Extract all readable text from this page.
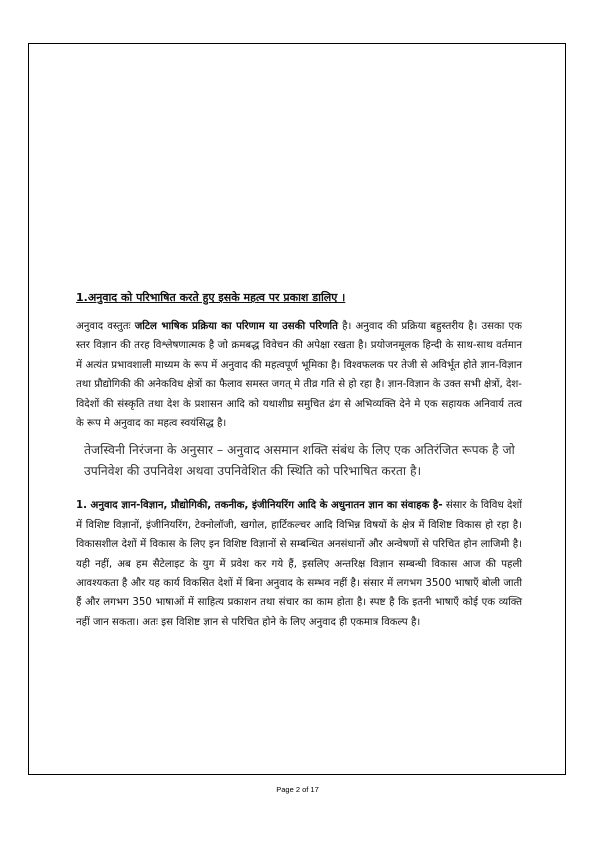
1.अनुवाद को परिभाषित करते हुए इसके महत्व पर प्रकाश डालिए ।

अनुवाद वस्तुतः जटिल भाषिक प्रक्रिया का परिणाम या उसकी परिणति है। अनुवाद की प्रक्रिया बहुस्तरीय है। उसका एक स्तर विज्ञान की तरह विश्लेषणात्मक है जो क्रमबद्ध विवेचन की अपेक्षा रखता है। प्रयोजनमूलक हिन्दी के साथ-साथ वर्तमान में अत्यंत प्रभावशाली माध्यम के रूप में अनुवाद की महत्वपूर्ण भूमिका है। विश्वफलक पर तेजी से अविर्भूत होते ज्ञान-विज्ञान तथा प्रौद्योगिकी की अनेकविध क्षेत्रों का फैलाव समस्त जगत् मे तीव्र गति से हो रहा है। ज्ञान-विज्ञान के उक्त सभी क्षेत्रों, देश-विदेशों की संस्कृति तथा देश के प्रशासन आदि को यथाशीघ्र समुचित ढंग से अभिव्यक्ति देने मे एक सहायक अनिवार्य तत्व के रूप मे अनुवाद का महत्व स्वयंसिद्ध है।

तेजस्विनी निरंजना के अनुसार – अनुवाद असमान शक्ति संबंध के लिए एक अतिरंजित रूपक है जो उपनिवेश की उपनिवेश अथवा उपनिवेशित की स्थिति को परिभाषित करता है।

1. अनुवाद ज्ञान-विज्ञान, प्रौद्योगिकी, तकनीक, इंजीनियरिंग आदि के अधुनातन ज्ञान का संवाहक है- संसार के विविध देशों में विशिष्ट विज्ञानों, इंजीनियरिंग, टेक्नोलॉजी, खगोल, हार्टिकल्चर आदि विभिन्न विषयों के क्षेत्र में विशिष्ट विकास हो रहा है। विकासशील देशों में विकास के लिए इन विशिष्ट विज्ञानों से सम्बन्धित अनसंधानों और अन्वेषणों से परिचित होन लाजिमी है। यही नहीं, अब हम सैटेलाइट के युग में प्रवेश कर गये हैं, इसलिए अन्तरिक्ष विज्ञान सम्बन्धी विकास आज की पहली आवश्यकता है और यह कार्य विकसित देशों में बिना अनुवाद के सम्भव नहीं है। संसार में लगभग 3500 भाषाएँ बोली जाती हैं और लगभग 350 भाषाओं में साहित्य प्रकाशन तथा संचार का काम होता है। स्पष्ट है कि इतनी भाषाएँ कोई एक व्यक्ति नहीं जान सकता। अतः इस विशिष्ट ज्ञान से परिचित होने के लिए अनुवाद ही एकमात्र विकल्प है।

Page 2 of 17
